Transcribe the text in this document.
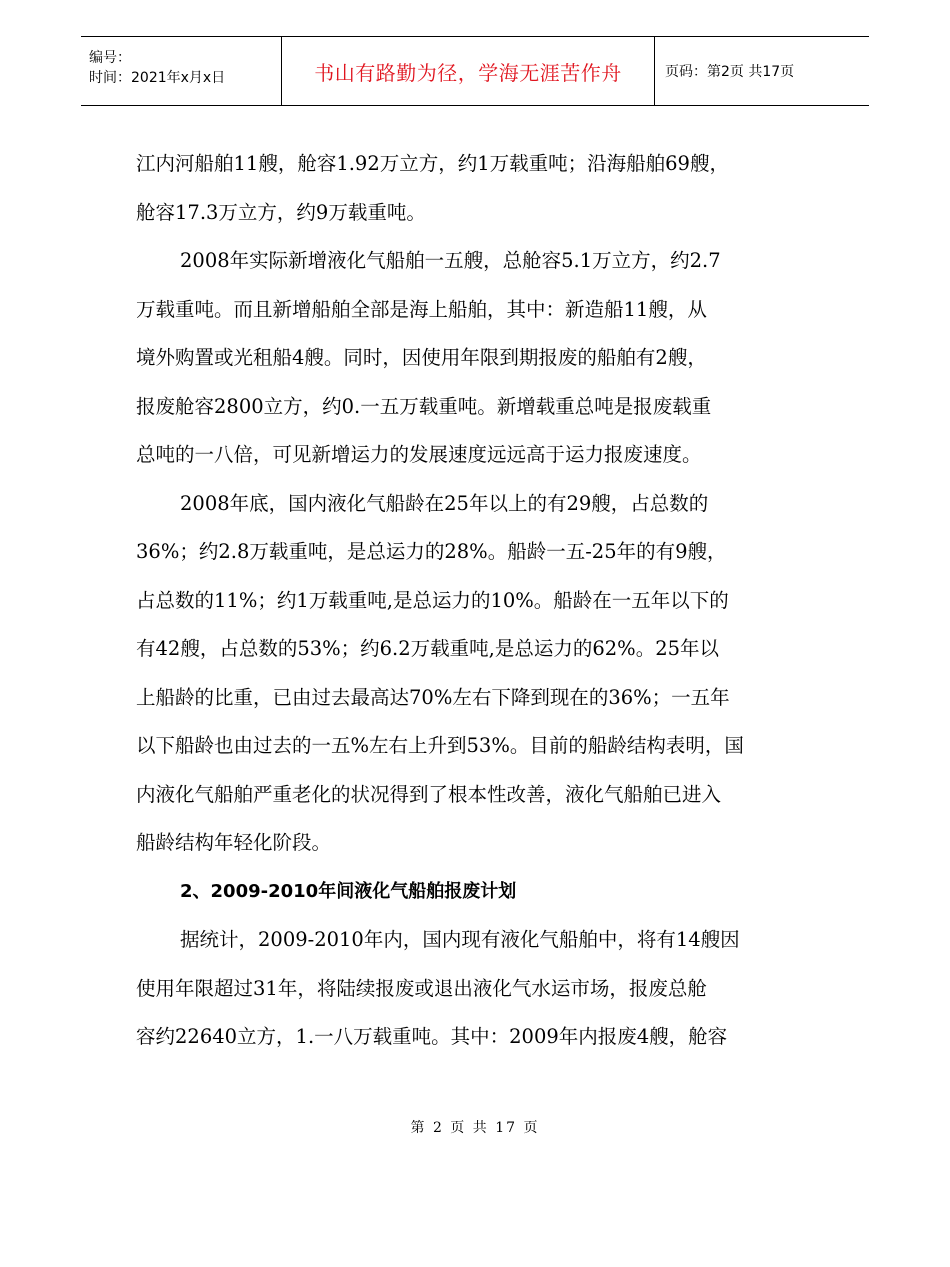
编号：
时间：2021年x月x日	书山有路勤为径，学海无涯苦作舟	页码：第2页 共17页
江内河船舶11艘，舱容1.92万立方，约1万载重吨；沿海船舶69艘，
舱容17.3万立方，约9万载重吨。
2008年实际新增液化气船舶一五艘，总舱容5.1万立方，约2.7
万载重吨。而且新增船舶全部是海上船舶，其中：新造船11艘，从
境外购置或光租船4艘。同时，因使用年限到期报废的船舶有2艘，
报废舱容2800立方，约0.一五万载重吨。新增载重总吨是报废载重
总吨的一八倍，可见新增运力的发展速度远远高于运力报废速度。
2008年底，国内液化气船龄在25年以上的有29艘，占总数的
36%；约2.8万载重吨，是总运力的28%。船龄一五-25年的有9艘，
占总数的11%；约1万载重吨,是总运力的10%。船龄在一五年以下的
有42艘，占总数的53%；约6.2万载重吨,是总运力的62%。25年以
上船龄的比重，已由过去最高达70%左右下降到现在的36%；一五年
以下船龄也由过去的一五%左右上升到53%。目前的船龄结构表明，国
内液化气船舶严重老化的状况得到了根本性改善，液化气船舶已进入
船龄结构年轻化阶段。
2、2009-2010年间液化气船舶报废计划
据统计，2009-2010年内，国内现有液化气船舶中，将有14艘因
使用年限超过31年，将陆续报废或退出液化气水运市场，报废总舱
容约22640立方，1.一八万载重吨。其中：2009年内报废4艘，舱容
第 2 页 共 17 页
